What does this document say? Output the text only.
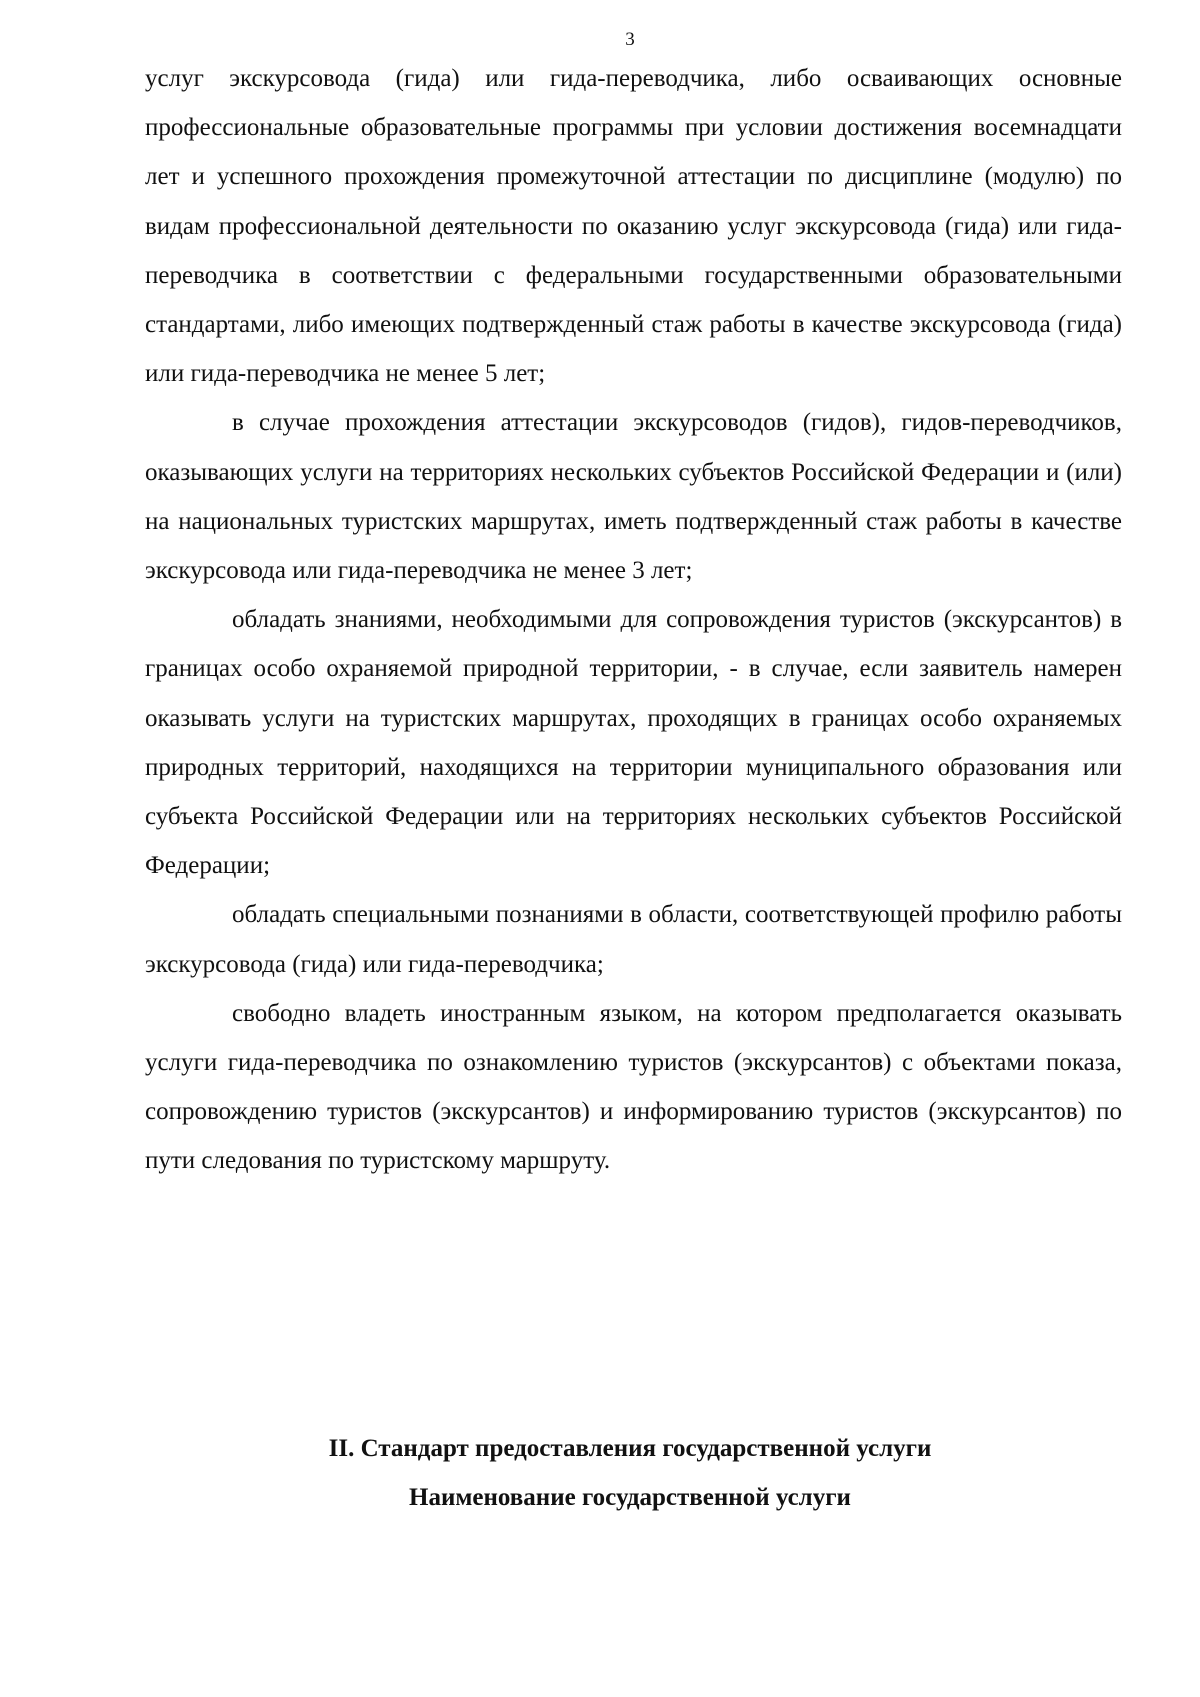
3

услуг экскурсовода (гида) или гида-переводчика, либо осваивающих основные профессиональные образовательные программы при условии достижения восемнадцати лет и успешного прохождения промежуточной аттестации по дисциплине (модулю) по видам профессиональной деятельности по оказанию услуг экскурсовода (гида) или гида-переводчика в соответствии с федеральными государственными образовательными стандартами, либо имеющих подтвержденный стаж работы в качестве экскурсовода (гида) или гида-переводчика не менее 5 лет;

в случае прохождения аттестации экскурсоводов (гидов), гидов-переводчиков, оказывающих услуги на территориях нескольких субъектов Российской Федерации и (или) на национальных туристских маршрутах, иметь подтвержденный стаж работы в качестве экскурсовода или гида-переводчика не менее 3 лет;

обладать знаниями, необходимыми для сопровождения туристов (экскурсантов) в границах особо охраняемой природной территории, - в случае, если заявитель намерен оказывать услуги на туристских маршрутах, проходящих в границах особо охраняемых природных территорий, находящихся на территории муниципального образования или субъекта Российской Федерации или на территориях нескольких субъектов Российской Федерации;

обладать специальными познаниями в области, соответствующей профилю работы экскурсовода (гида) или гида-переводчика;

свободно владеть иностранным языком, на котором предполагается оказывать услуги гида-переводчика по ознакомлению туристов (экскурсантов) с объектами показа, сопровождению туристов (экскурсантов) и информированию туристов (экскурсантов) по пути следования по туристскому маршруту.

II. Стандарт предоставления государственной услуги
Наименование государственной услуги
